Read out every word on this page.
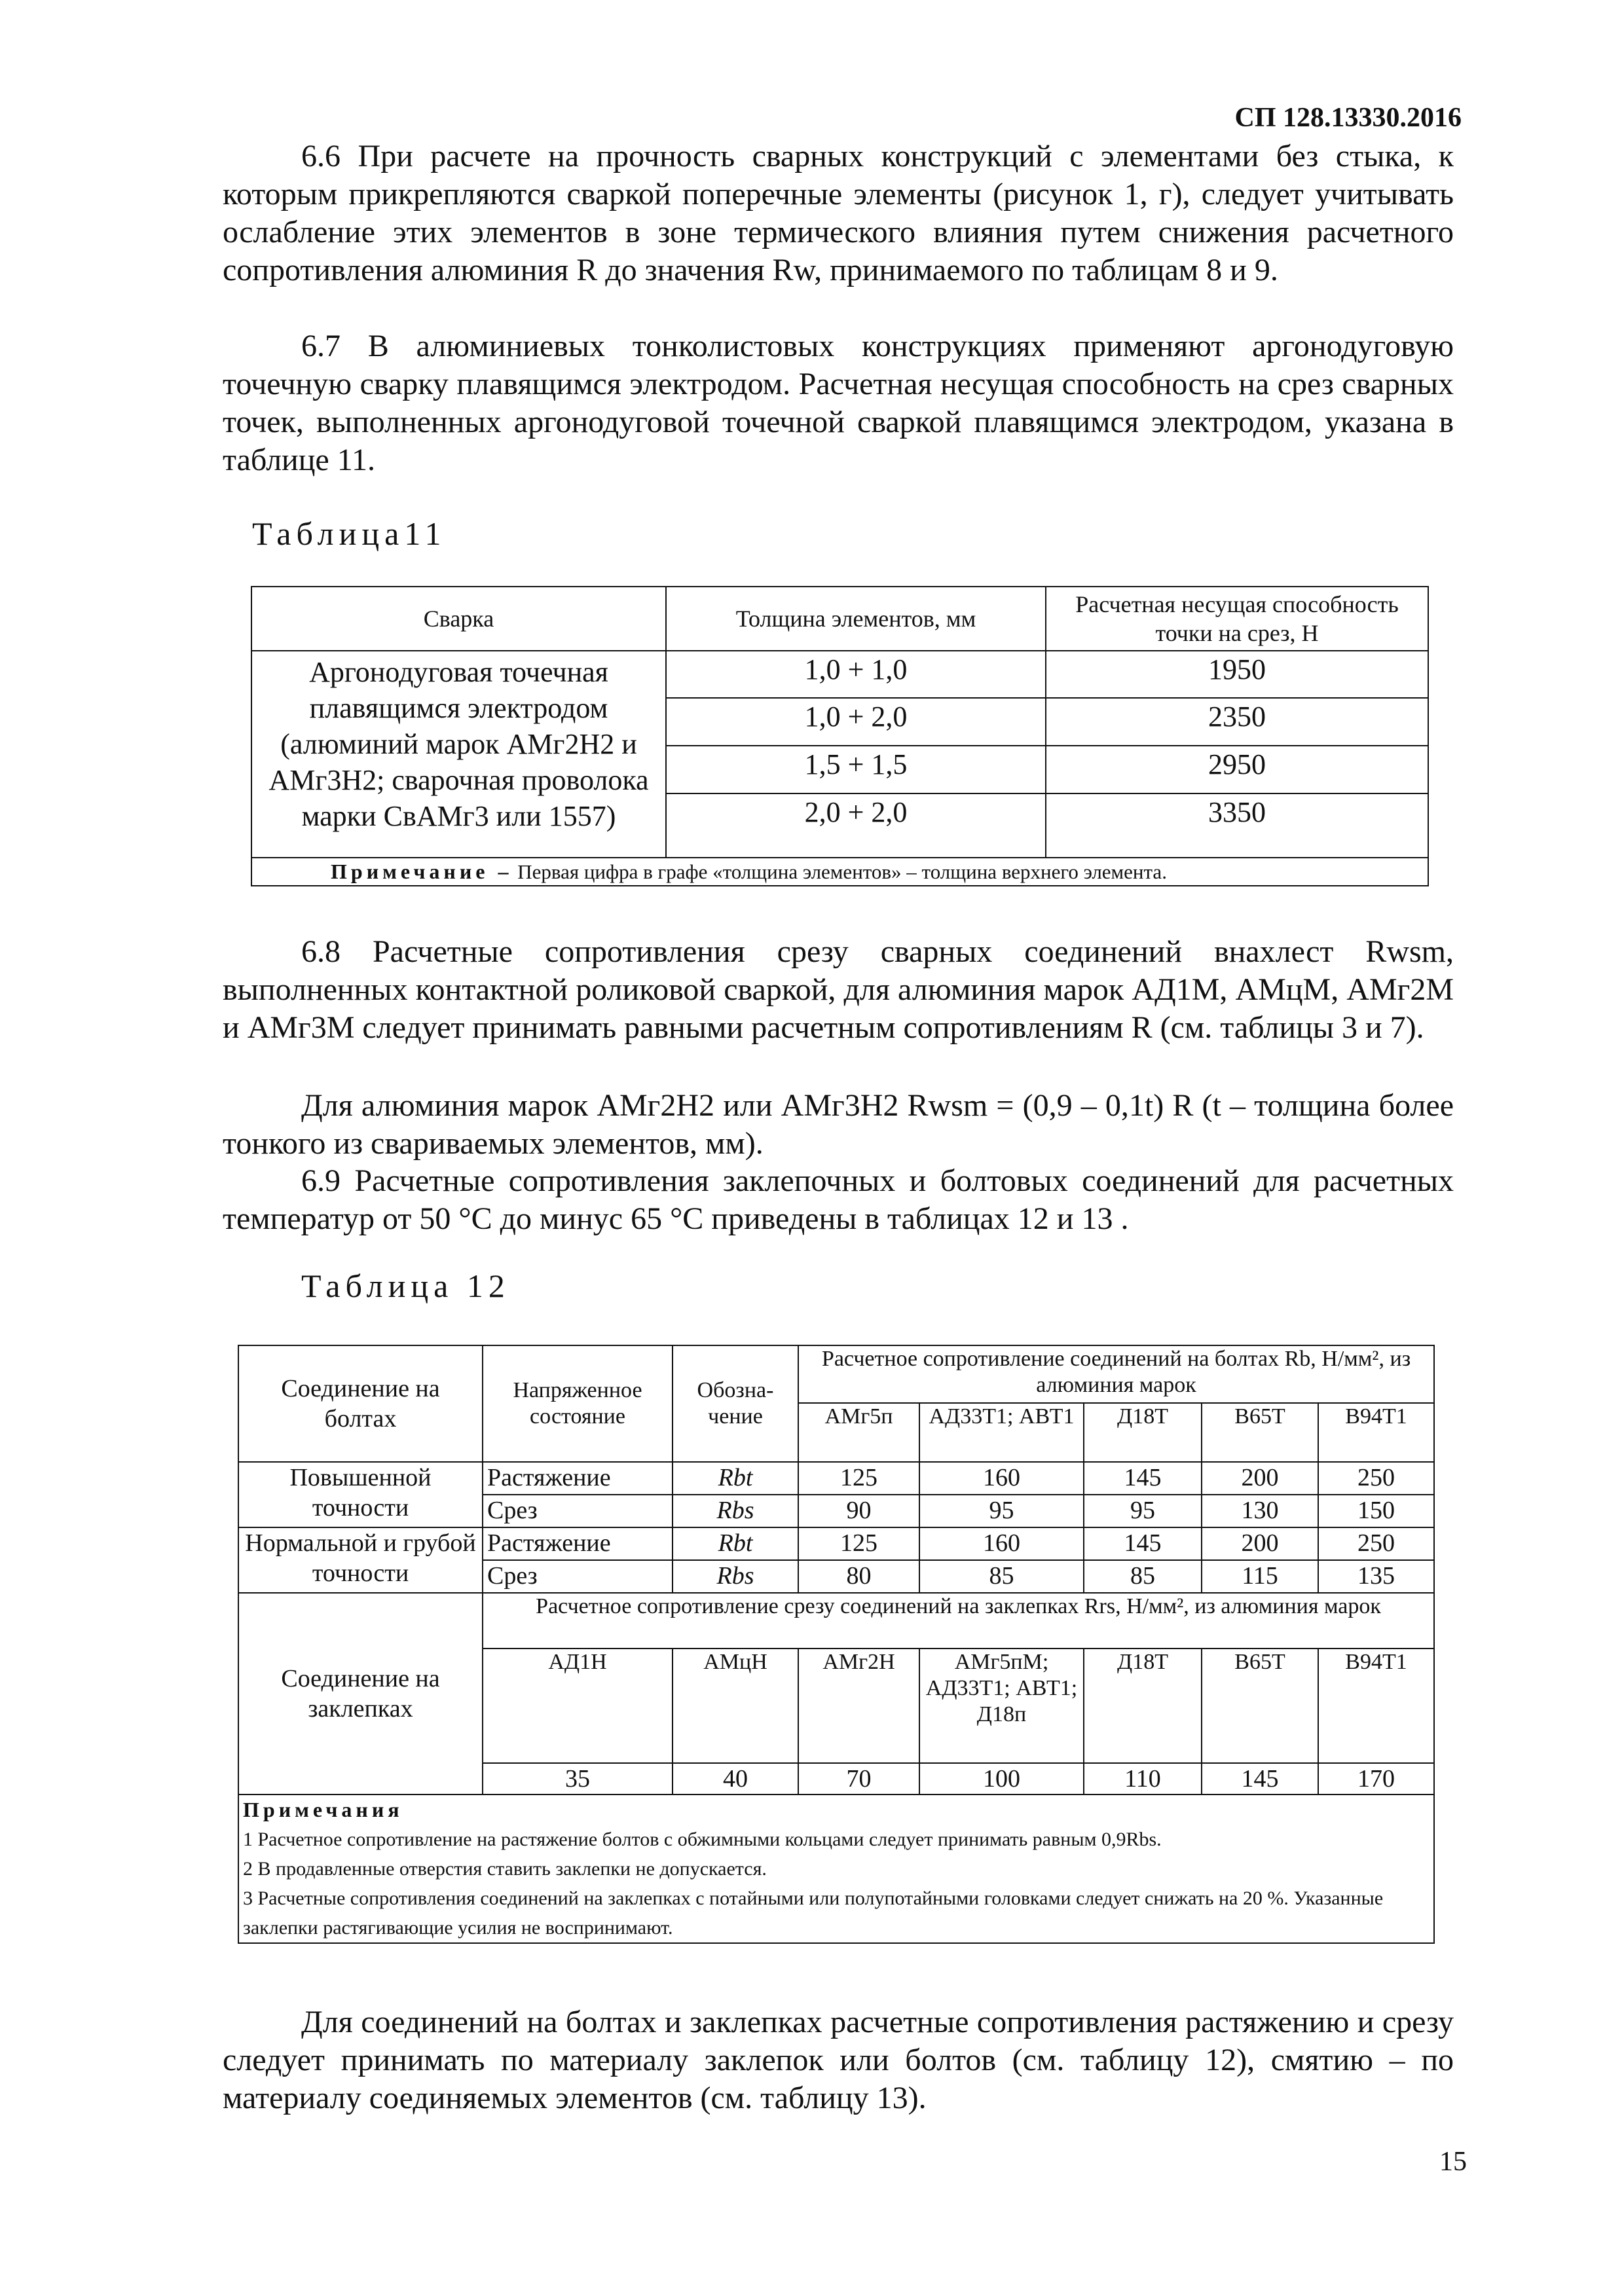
СП 128.13330.2016

6.6 При расчете на прочность сварных конструкций с элементами без стыка, к которым прикрепляются сваркой поперечные элементы (рисунок 1, г), следует учитывать ослабление этих элементов в зоне термического влияния путем снижения расчетного сопротивления алюминия R до значения Rw, принимаемого по таблицам 8 и 9.

6.7 В алюминиевых тонколистовых конструкциях применяют аргонодуговую точечную сварку плавящимся электродом. Расчетная несущая способность на срез сварных точек, выполненных аргонодуговой точечной сваркой плавящимся электродом, указана в таблице 11.

Таблица11
Сварка	Толщина элементов, мм	Расчетная несущая способность точки на срез, Н
Аргонодуговая точечная плавящимся электродом (алюминий марок АМг2Н2 и АМг3Н2; сварочная проволока марки СвАМг3 или 1557)	1,0 + 1,0	1950
	1,0 + 2,0	2350
	1,5 + 1,5	2950
	2,0 + 2,0	3350
Примечание – Первая цифра в графе «толщина элементов» – толщина верхнего элемента.		

6.8 Расчетные сопротивления срезу сварных соединений внахлест Rwsm, выполненных контактной роликовой сваркой, для алюминия марок АД1М, АМцМ, АМг2М и АМг3М следует принимать равными расчетным сопротивлениям R (см. таблицы 3 и 7).

Для алюминия марок АМг2Н2 или АМг3Н2 Rwsm = (0,9 – 0,1t) R (t – толщина более тонкого из свариваемых элементов, мм).

6.9 Расчетные сопротивления заклепочных и болтовых соединений для расчетных температур от 50 °С до минус 65 °С приведены в таблицах 12 и 13 .

Таблица 12
Соединение на болтах	Напряженное состояние	Обозна-чение	Расчетное сопротивление соединений на болтах Rb, Н/мм², из алюминия марок				
			АМг5п	АД33Т1; АВТ1	Д18Т	В65Т	В94Т1
Повышенной точности	Растяжение	Rbt	125	160	145	200	250
	Срез	Rbs	90	95	95	130	150
Нормальной и грубой точности	Растяжение	Rbt	125	160	145	200	250
	Срез	Rbs	80	85	85	115	135
Соединение на заклепках	Расчетное сопротивление срезу соединений на заклепках Rrs, Н/мм², из алюминия марок						
	АД1Н	АМцН	АМг2Н	АМг5пМ; АД33Т1; АВТ1; Д18п	Д18Т	В65Т	В94Т1
	35	40	70	100	110	145	170

Примечания
1 Расчетное сопротивление на растяжение болтов с обжимными кольцами следует принимать равным 0,9Rbs.
2 В продавленные отверстия ставить заклепки не допускается.
3 Расчетные сопротивления соединений на заклепках с потайными или полупотайными головками следует снижать на 20 %. Указанные заклепки растягивающие усилия не воспринимают.							

Для соединений на болтах и заклепках расчетные сопротивления растяжению и срезу следует принимать по материалу заклепок или болтов (см. таблицу 12), смятию – по материалу соединяемых элементов (см. таблицу 13).

15
